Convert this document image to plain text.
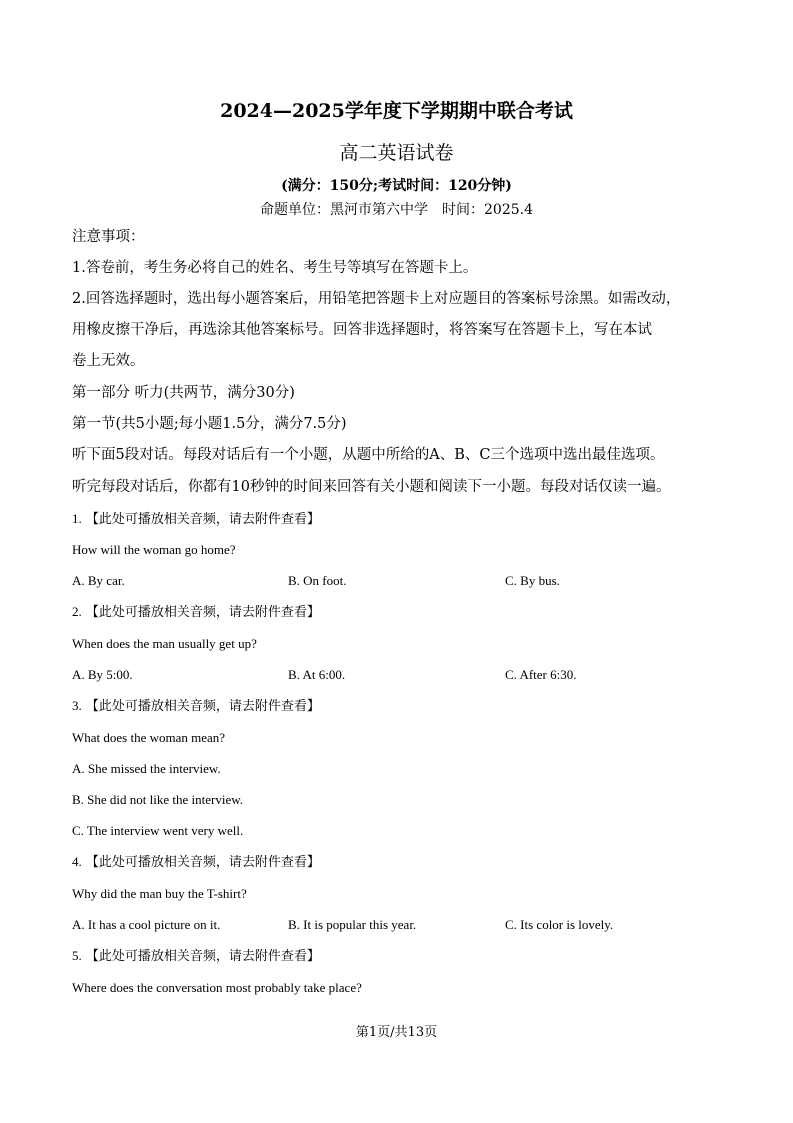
2024—2025学年度下学期期中联合考试
高二英语试卷
(满分：150分;考试时间：120分钟)
命题单位：黑河市第六中学　时间：2025.4
注意事项：
1.答卷前，考生务必将自己的姓名、考生号等填写在答题卡上。
2.回答选择题时，选出每小题答案后，用铅笔把答题卡上对应题目的答案标号涂黑。如需改动，
用橡皮擦干净后，再选涂其他答案标号。回答非选择题时，将答案写在答题卡上，写在本试
卷上无效。
第一部分 听力(共两节，满分30分)
第一节(共5小题;每小题1.5分，满分7.5分)
听下面5段对话。每段对话后有一个小题，从题中所给的A、B、C三个选项中选出最佳选项。
听完每段对话后，你都有10秒钟的时间来回答有关小题和阅读下一小题。每段对话仅读一遍。
1. 【此处可播放相关音频，请去附件查看】
How will the woman go home?
A. By car.	B. On foot.	C. By bus.
2. 【此处可播放相关音频，请去附件查看】
When does the man usually get up?
A. By 5:00.	B. At 6:00.	C. After 6:30.
3. 【此处可播放相关音频，请去附件查看】
What does the woman mean?
A. She missed the interview.
B. She did not like the interview.
C. The interview went very well.
4. 【此处可播放相关音频，请去附件查看】
Why did the man buy the T-shirt?
A. It has a cool picture on it.	B. It is popular this year.	C. Its color is lovely.
5. 【此处可播放相关音频，请去附件查看】
Where does the conversation most probably take place?
第1页/共13页
